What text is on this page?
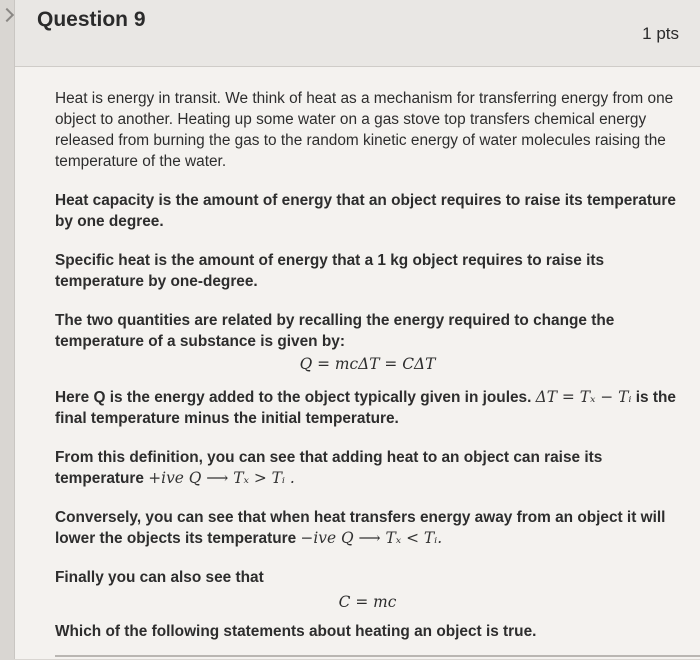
Question 9
1 pts

Heat is energy in transit. We think of heat as a mechanism for transferring energy from one object to another. Heating up some water on a gas stove top transfers chemical energy released from burning the gas to the random kinetic energy of water molecules raising the temperature of the water.

Heat capacity is the amount of energy that an object requires to raise its temperature by one degree.

Specific heat is the amount of energy that a 1 kg object requires to raise its temperature by one-degree.

The two quantities are related by recalling the energy required to change the temperature of a substance is given by:
Q = mcΔT = CΔT

Here Q is the energy added to the object typically given in joules. ΔT = Tₓ − Tᵢ is the final temperature minus the initial temperature.

From this definition, you can see that adding heat to an object can raise its temperature +ive Q ⟶ Tₓ > Tᵢ .

Conversely, you can see that when heat transfers energy away from an object it will lower the objects its temperature −ive Q ⟶ Tₓ < Tᵢ.

Finally you can also see that
C = mc

Which of the following statements about heating an object is true.
